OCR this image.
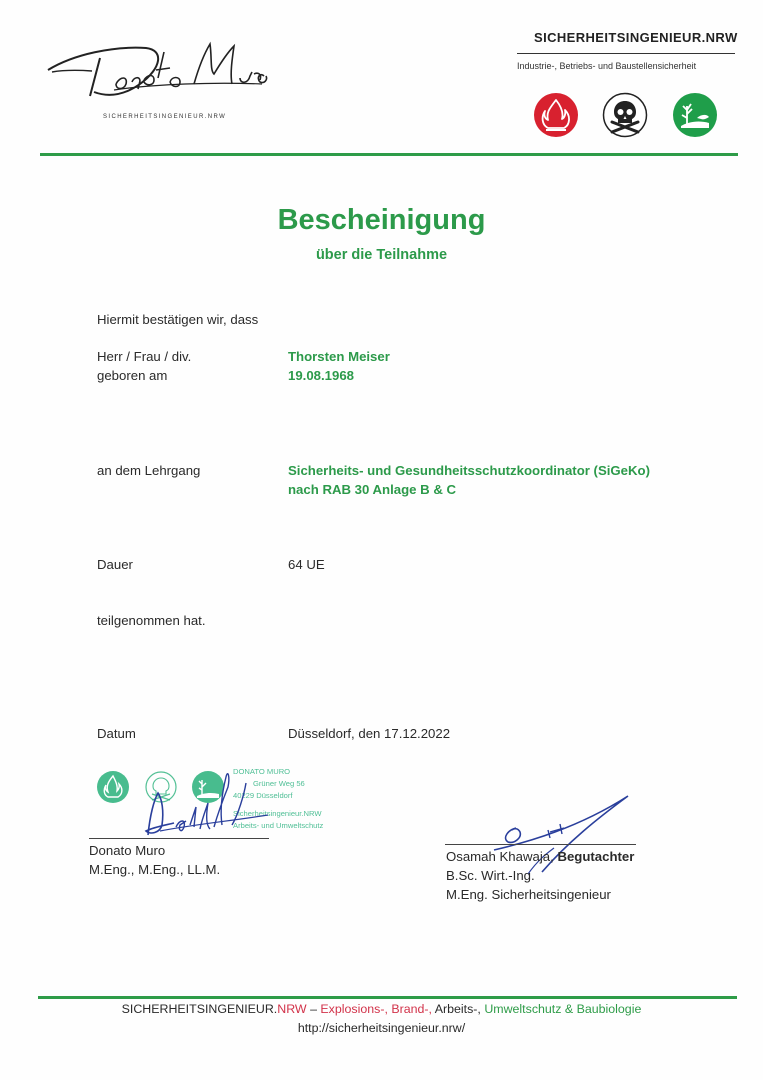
SICHERHEITSINGENIEUR.NRW
SICHERHEITSINGENIEUR.NRW
Industrie-, Betriebs- und Baustellensicherheit
Bescheinigung
über die Teilnahme
Hiermit bestätigen wir, dass
Herr / Frau / div.	Thorsten Meiser
geboren am	19.08.1968
an dem Lehrgang	Sicherheits- und Gesundheitsschutzkoordinator (SiGeKo)
nach RAB 30 Anlage B & C
Dauer	64 UE
teilgenommen hat.
Datum	Düsseldorf, den 17.12.2022
DONATO MURO
Grüner Weg 56
40229 Düsseldorf
Sicherheitsingenieur.NRW
Arbeits- und Umweltschutz
Donato Muro
M.Eng., M.Eng., LL.M.
Osamah Khawaja, Begutachter
B.Sc. Wirt.-Ing.
M.Eng. Sicherheitsingenieur
SICHERHEITSINGENIEUR.NRW – Explosions-, Brand-, Arbeits-, Umweltschutz & Baubiologie
http://sicherheitsingenieur.nrw/
